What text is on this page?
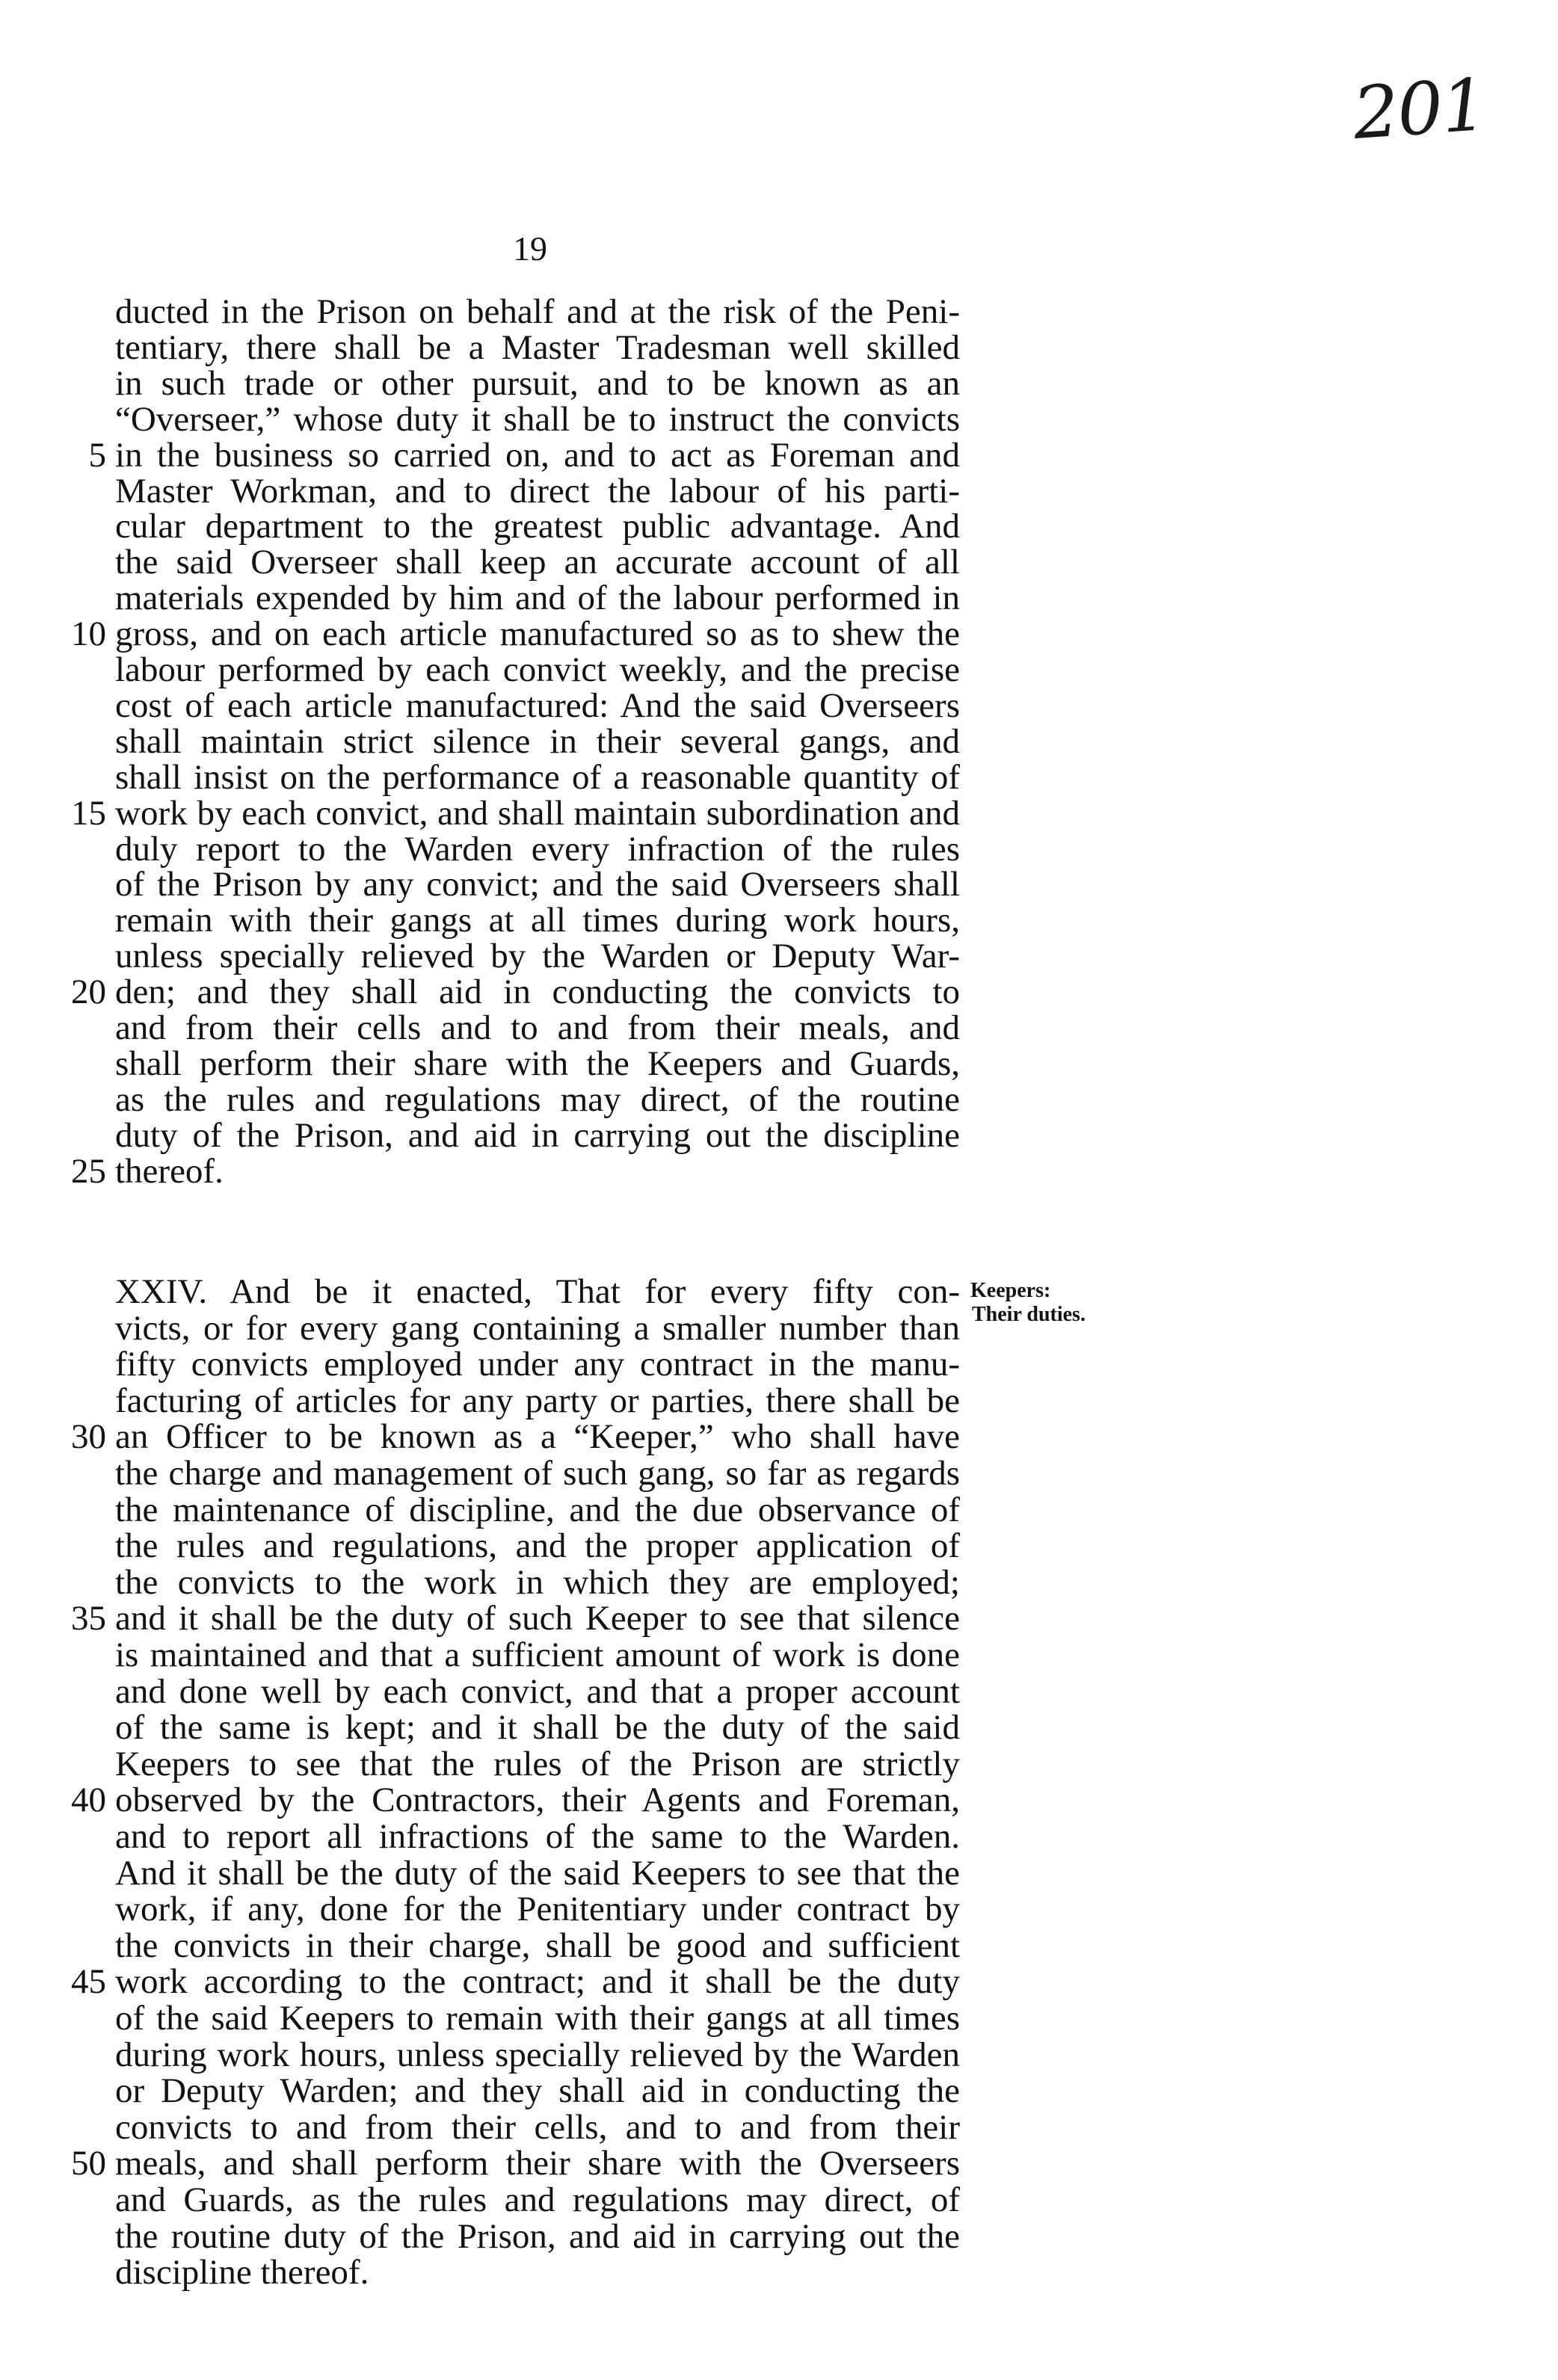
201
19
ducted in the Prison on behalf and at the risk of the Peni-
tentiary, there shall be a Master Tradesman well skilled
in such trade or other pursuit, and to be known as an
“Overseer,” whose duty it shall be to instruct the convicts
in the business so carried on, and to act as Foreman and
5
Master Workman, and to direct the labour of his parti-
cular department to the greatest public advantage. And
the said Overseer shall keep an accurate account of all
materials expended by him and of the labour performed in
gross, and on each article manufactured so as to shew the
10
labour performed by each convict weekly, and the precise
cost of each article manufactured: And the said Overseers
shall maintain strict silence in their several gangs, and
shall insist on the performance of a reasonable quantity of
work by each convict, and shall maintain subordination and
15
duly report to the Warden every infraction of the rules
of the Prison by any convict; and the said Overseers shall
remain with their gangs at all times during work hours,
unless specially relieved by the Warden or Deputy War-
den; and they shall aid in conducting the convicts to
20
and from their cells and to and from their meals, and
shall perform their share with the Keepers and Guards,
as the rules and regulations may direct, of the routine
duty of the Prison, and aid in carrying out the discipline
thereof.
25
XXIV. And be it enacted, That for every fifty con-
victs, or for every gang containing a smaller number than
fifty convicts employed under any contract in the manu-
facturing of articles for any party or parties, there shall be
an Officer to be known as a “Keeper,” who shall have
30
the charge and management of such gang, so far as regards
the maintenance of discipline, and the due observance of
the rules and regulations, and the proper application of
the convicts to the work in which they are employed;
and it shall be the duty of such Keeper to see that silence
35
is maintained and that a sufficient amount of work is done
and done well by each convict, and that a proper account
of the same is kept; and it shall be the duty of the said
Keepers to see that the rules of the Prison are strictly
observed by the Contractors, their Agents and Foreman,
40
and to report all infractions of the same to the Warden.
And it shall be the duty of the said Keepers to see that the
work, if any, done for the Penitentiary under contract by
the convicts in their charge, shall be good and sufficient
work according to the contract; and it shall be the duty
45
of the said Keepers to remain with their gangs at all times
during work hours, unless specially relieved by the Warden
or Deputy Warden; and they shall aid in conducting the
convicts to and from their cells, and to and from their
meals, and shall perform their share with the Overseers
50
and Guards, as the rules and regulations may direct, of
the routine duty of the Prison, and aid in carrying out the
discipline thereof.
Keepers:
Their duties.
